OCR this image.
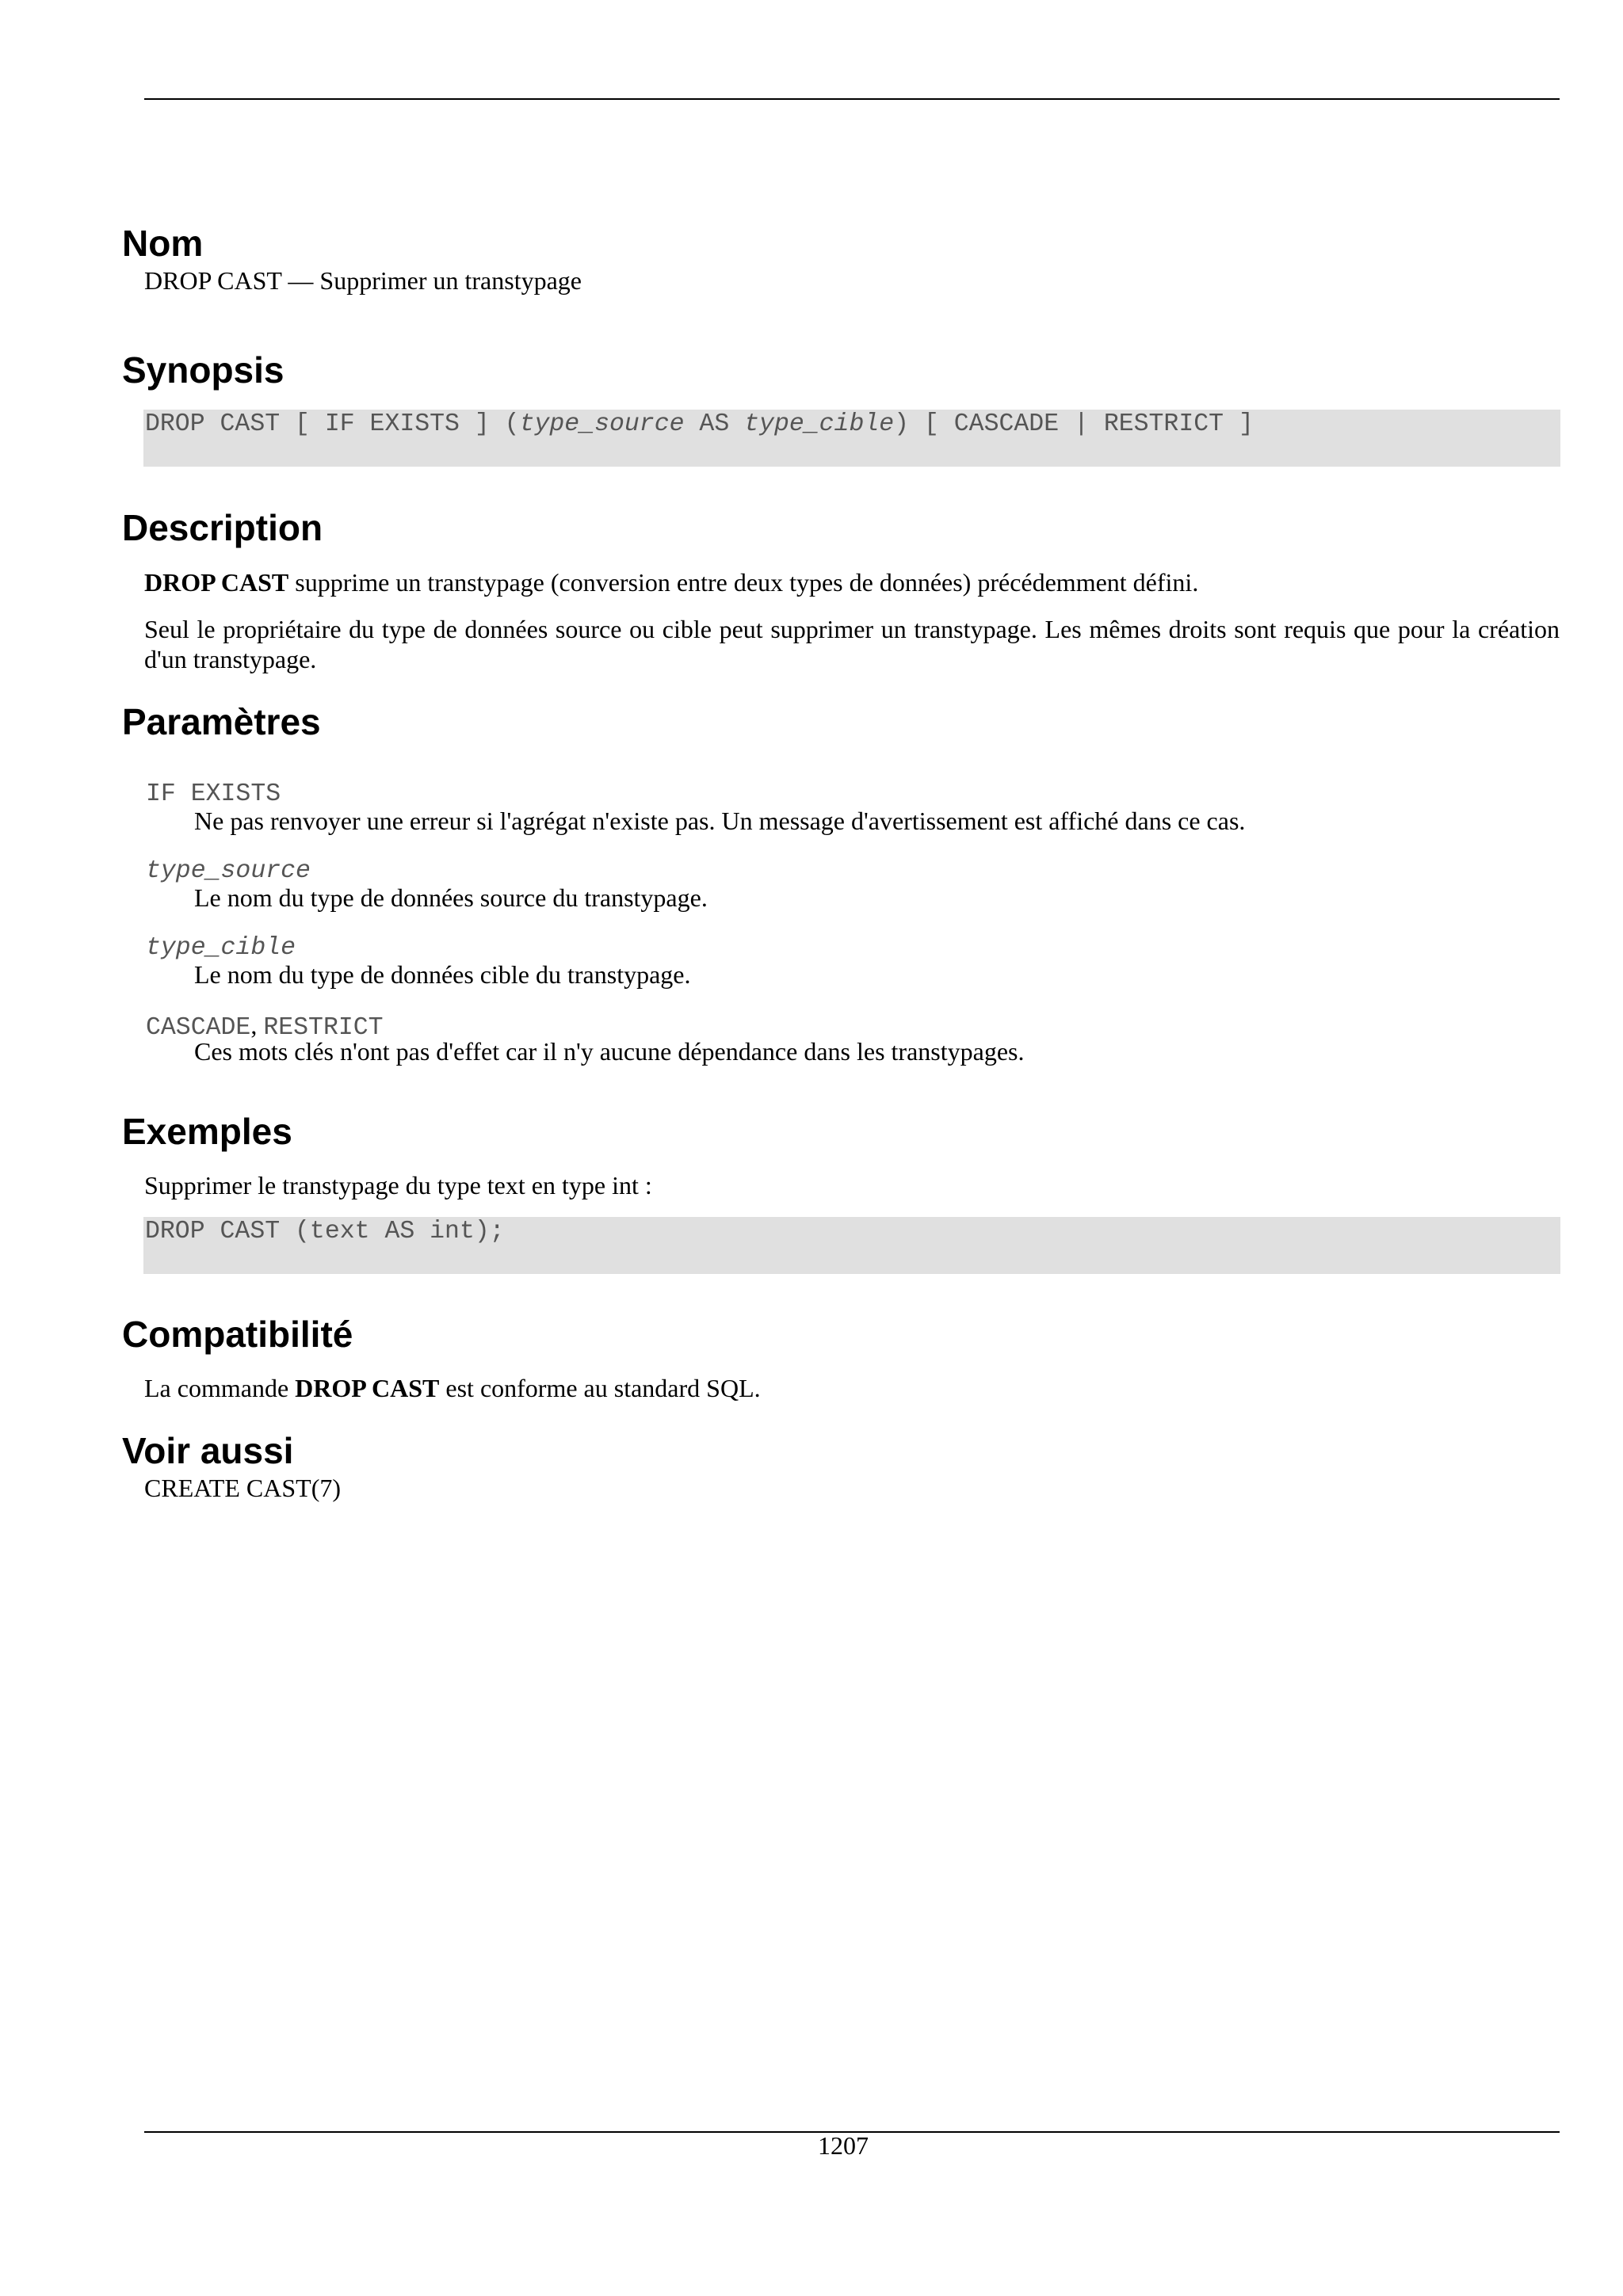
Nom

DROP CAST — Supprimer un transtypage

Synopsis
DROP CAST [ IF EXISTS ] (type_source AS type_cible) [ CASCADE | RESTRICT ]
Description

DROP CAST supprime un transtypage (conversion entre deux types de données) précédemment défini.

Seul le propriétaire du type de données source ou cible peut supprimer un transtypage. Les mêmes droits sont requis que pour la création d'un transtypage.

Paramètres

IF EXISTS

Ne pas renvoyer une erreur si l'agrégat n'existe pas. Un message d'avertissement est affiché dans ce cas.

type_source

Le nom du type de données source du transtypage.

type_cible

Le nom du type de données cible du transtypage.

CASCADE, RESTRICT

Ces mots clés n'ont pas d'effet car il n'y aucune dépendance dans les transtypages.

Exemples

Supprimer le transtypage du type text en type int :

DROP CAST (text AS int);
Compatibilité

La commande DROP CAST est conforme au standard SQL.

Voir aussi

CREATE CAST(7)

1207
